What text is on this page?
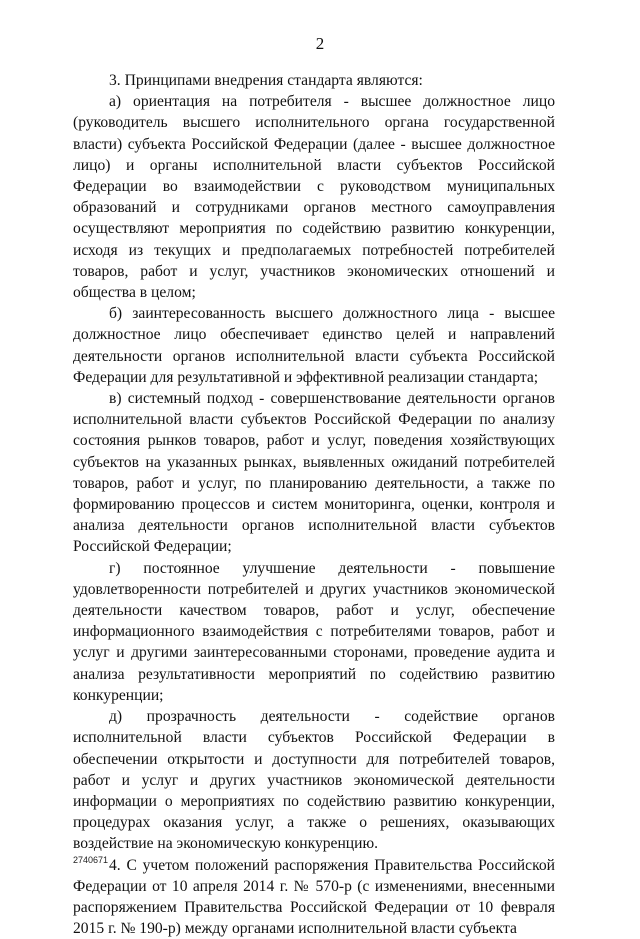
2

3. Принципами внедрения стандарта являются:

а) ориентация на потребителя - высшее должностное лицо (руководитель высшего исполнительного органа государственной власти) субъекта Российской Федерации (далее - высшее должностное лицо) и органы исполнительной власти субъектов Российской Федерации во взаимодействии с руководством муниципальных образований и сотрудниками органов местного самоуправления осуществляют мероприятия по содействию развитию конкуренции, исходя из текущих и предполагаемых потребностей потребителей товаров, работ и услуг, участников экономических отношений и общества в целом;

б) заинтересованность высшего должностного лица - высшее должностное лицо обеспечивает единство целей и направлений деятельности органов исполнительной власти субъекта Российской Федерации для результативной и эффективной реализации стандарта;

в) системный подход - совершенствование деятельности органов исполнительной власти субъектов Российской Федерации по анализу состояния рынков товаров, работ и услуг, поведения хозяйствующих субъектов на указанных рынках, выявленных ожиданий потребителей товаров, работ и услуг, по планированию деятельности, а также по формированию процессов и систем мониторинга, оценки, контроля и анализа деятельности органов исполнительной власти субъектов Российской Федерации;

г) постоянное улучшение деятельности - повышение удовлетворенности потребителей и других участников экономической деятельности качеством товаров, работ и услуг, обеспечение информационного взаимодействия с потребителями товаров, работ и услуг и другими заинтересованными сторонами, проведение аудита и анализа результативности мероприятий по содействию развитию конкуренции;

д) прозрачность деятельности - содействие органов исполнительной власти субъектов Российской Федерации в обеспечении открытости и доступности для потребителей товаров, работ и услуг и других участников экономической деятельности информации о мероприятиях по содействию развитию конкуренции, процедурах оказания услуг, а также о решениях, оказывающих воздействие на экономическую конкуренцию.

4. С учетом положений распоряжения Правительства Российской Федерации от 10 апреля 2014 г. № 570-р (с изменениями, внесенными распоряжением Правительства Российской Федерации от 10 февраля 2015 г. № 190-р) между органами исполнительной власти субъекта

2740671
